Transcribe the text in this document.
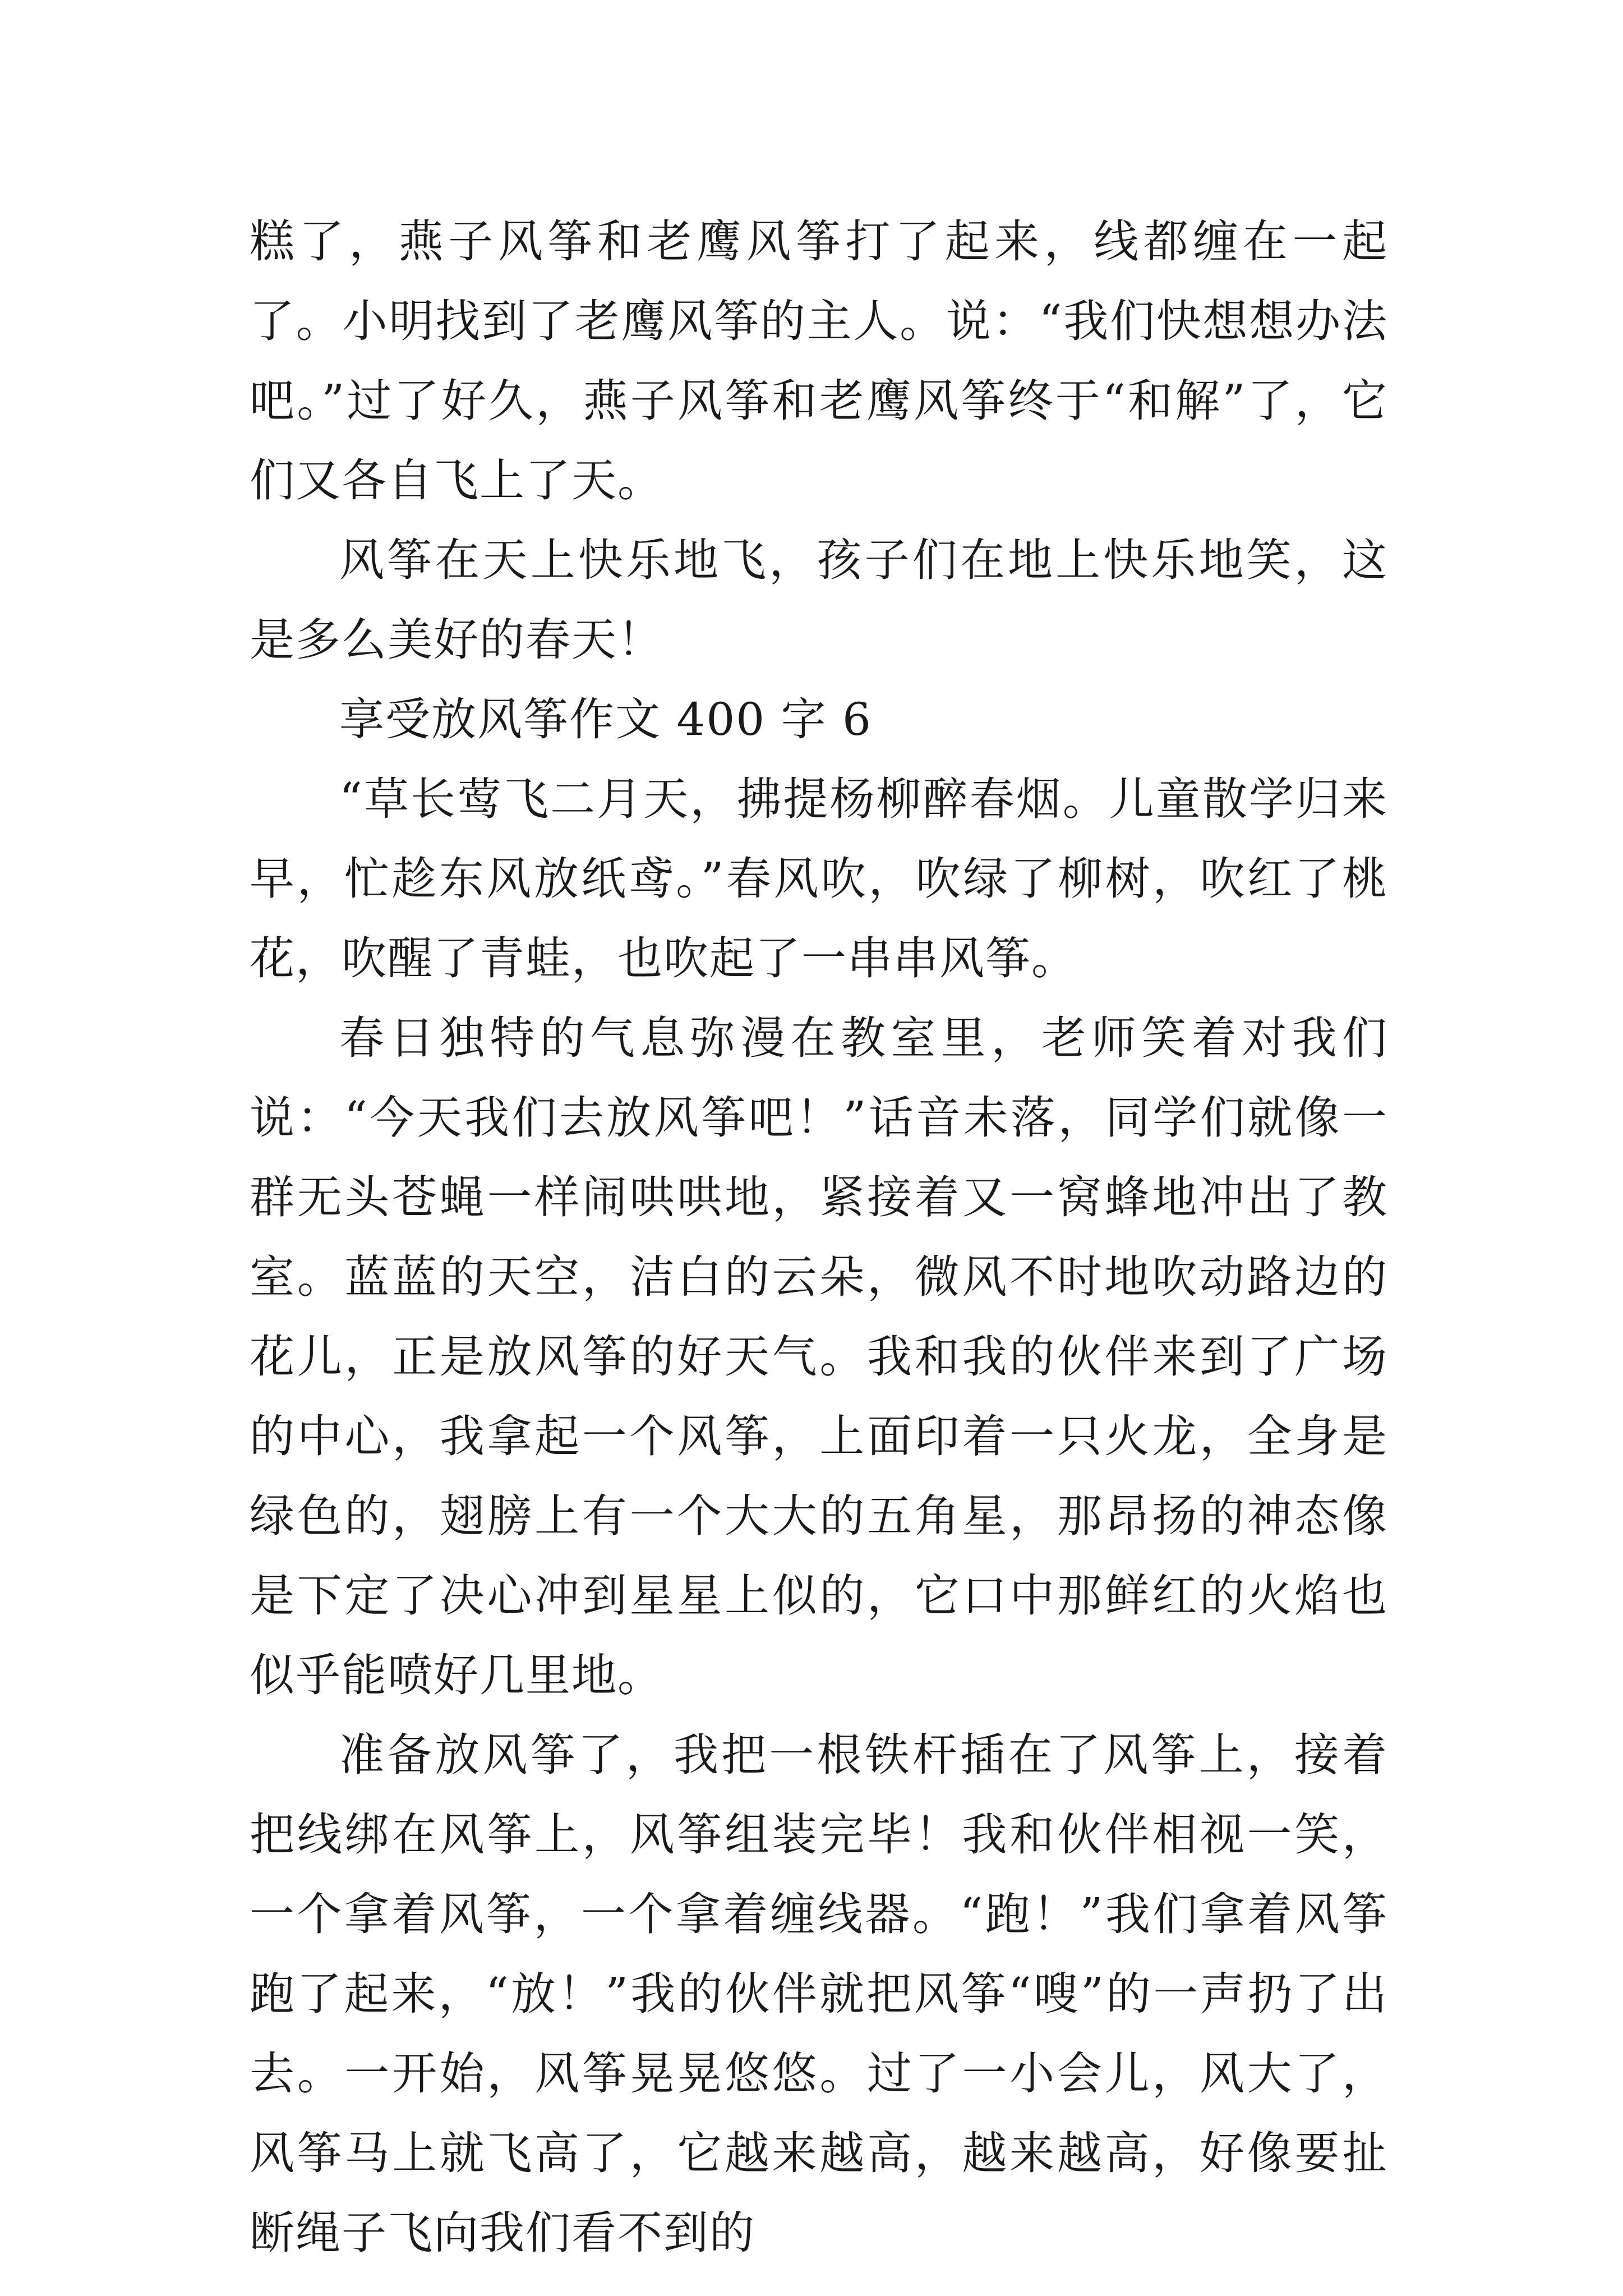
糕了，燕子风筝和老鹰风筝打了起来，线都缠在一起了。小明找到了老鹰风筝的主人。说：“我们快想想办法吧。”过了好久，燕子风筝和老鹰风筝终于“和解”了，它们又各自飞上了天。

风筝在天上快乐地飞，孩子们在地上快乐地笑，这是多么美好的春天！

享受放风筝作文 400 字 6

“草长莺飞二月天，拂提杨柳醉春烟。儿童散学归来早，忙趁东风放纸鸢。”春风吹，吹绿了柳树，吹红了桃花，吹醒了青蛙，也吹起了一串串风筝。

春日独特的气息弥漫在教室里，老师笑着对我们说：“今天我们去放风筝吧！”话音未落，同学们就像一群无头苍蝇一样闹哄哄地，紧接着又一窝蜂地冲出了教室。蓝蓝的天空，洁白的云朵，微风不时地吹动路边的花儿，正是放风筝的好天气。我和我的伙伴来到了广场的中心，我拿起一个风筝，上面印着一只火龙，全身是绿色的，翅膀上有一个大大的五角星，那昂扬的神态像是下定了决心冲到星星上似的，它口中那鲜红的火焰也似乎能喷好几里地。

准备放风筝了，我把一根铁杆插在了风筝上，接着把线绑在风筝上，风筝组装完毕！我和伙伴相视一笑，一个拿着风筝，一个拿着缠线器。“跑！”我们拿着风筝跑了起来，“放！”我的伙伴就把风筝“嗖”的一声扔了出去。一开始，风筝晃晃悠悠。过了一小会儿，风大了，风筝马上就飞高了，它越来越高，越来越高，好像要扯断绳子飞向我们看不到的
